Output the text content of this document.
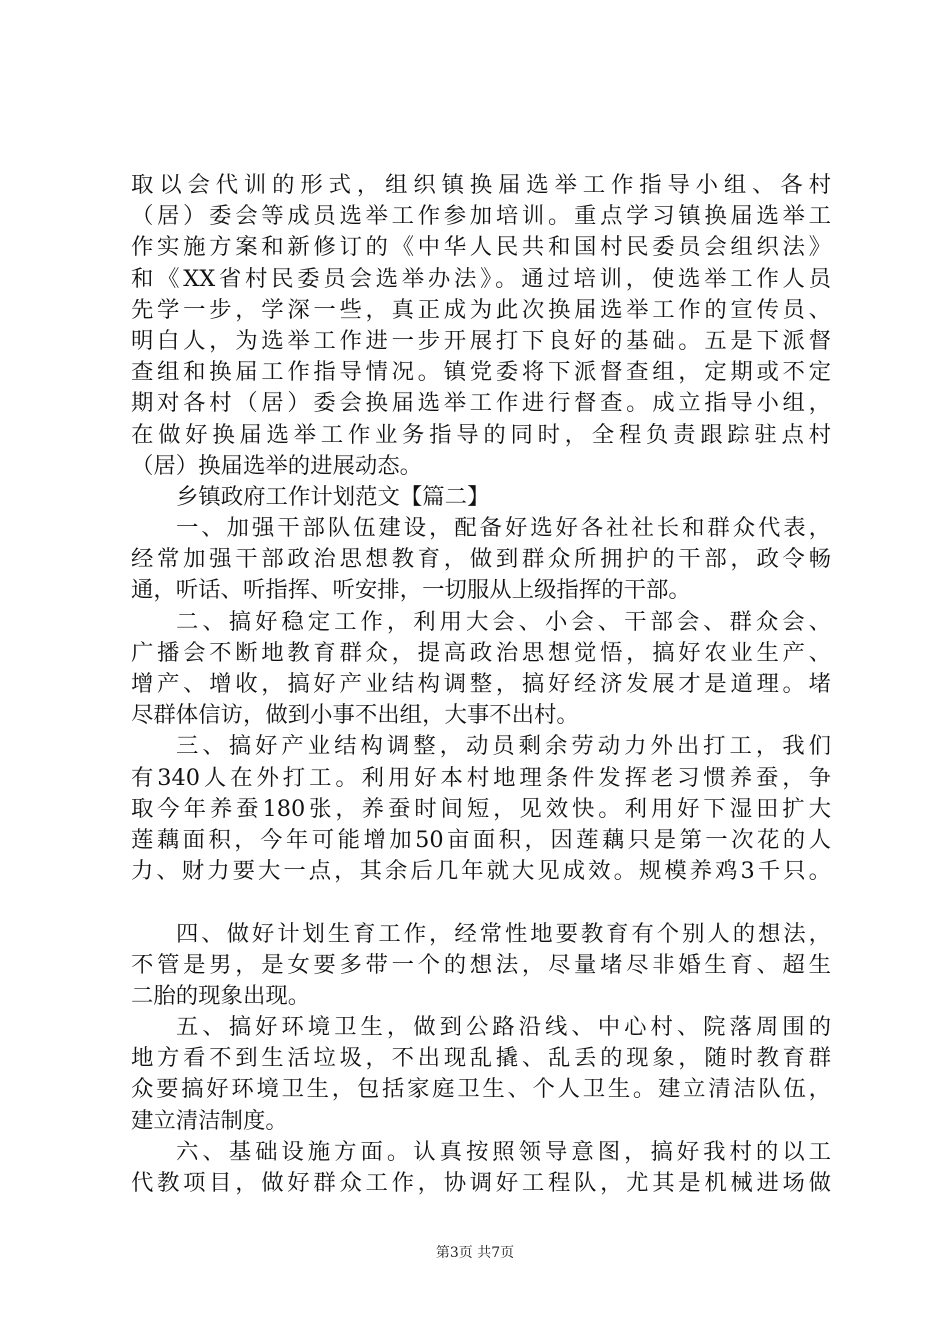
取以会代训的形式，组织镇换届选举工作指导小组、各村
（居）委会等成员选举工作参加培训。重点学习镇换届选举工
作实施方案和新修订的《中华人民共和国村民委员会组织法》
和《XX省村民委员会选举办法》。通过培训，使选举工作人员
先学一步，学深一些，真正成为此次换届选举工作的宣传员、
明白人，为选举工作进一步开展打下良好的基础。五是下派督
查组和换届工作指导情况。镇党委将下派督查组，定期或不定
期对各村（居）委会换届选举工作进行督查。成立指导小组，
在做好换届选举工作业务指导的同时，全程负责跟踪驻点村
（居）换届选举的进展动态。
乡镇政府工作计划范文【篇二】
一、加强干部队伍建设，配备好选好各社社长和群众代表，
经常加强干部政治思想教育，做到群众所拥护的干部，政令畅
通，听话、听指挥、听安排，一切服从上级指挥的干部。
二、搞好稳定工作，利用大会、小会、干部会、群众会、
广播会不断地教育群众，提高政治思想觉悟，搞好农业生产、
增产、增收，搞好产业结构调整，搞好经济发展才是道理。堵
尽群体信访，做到小事不出组，大事不出村。
三、搞好产业结构调整，动员剩余劳动力外出打工，我们
有340人在外打工。利用好本村地理条件发挥老习惯养蚕，争
取今年养蚕180张，养蚕时间短，见效快。利用好下湿田扩大
莲藕面积，今年可能增加50亩面积，因莲藕只是第一次花的人
力、财力要大一点，其余后几年就大见成效。规模养鸡3千只。
四、做好计划生育工作，经常性地要教育有个别人的想法，
不管是男，是女要多带一个的想法，尽量堵尽非婚生育、超生
二胎的现象出现。
五、搞好环境卫生，做到公路沿线、中心村、院落周围的
地方看不到生活垃圾，不出现乱撬、乱丢的现象，随时教育群
众要搞好环境卫生，包括家庭卫生、个人卫生。建立清洁队伍，
建立清洁制度。
六、基础设施方面。认真按照领导意图，搞好我村的以工
代教项目，做好群众工作，协调好工程队，尤其是机械进场做
第3页 共7页
